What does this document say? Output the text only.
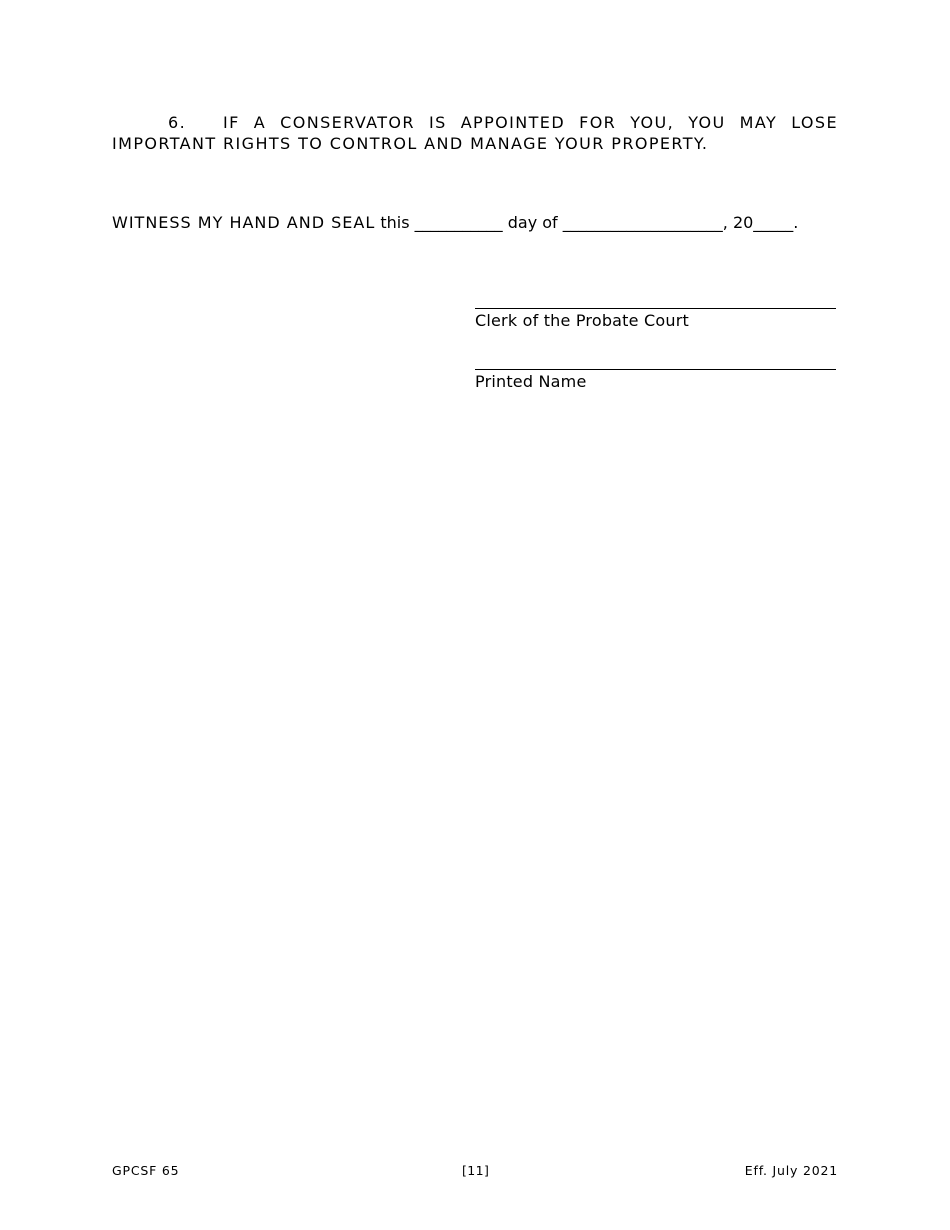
6. IF A CONSERVATOR IS APPOINTED FOR YOU, YOU MAY LOSE IMPORTANT RIGHTS TO CONTROL AND MANAGE YOUR PROPERTY.
WITNESS MY HAND AND SEAL this ___________ day of ____________________, 20_____.
Clerk of the Probate Court
Printed Name
GPCSF 65	[11]	Eff. July 2021
